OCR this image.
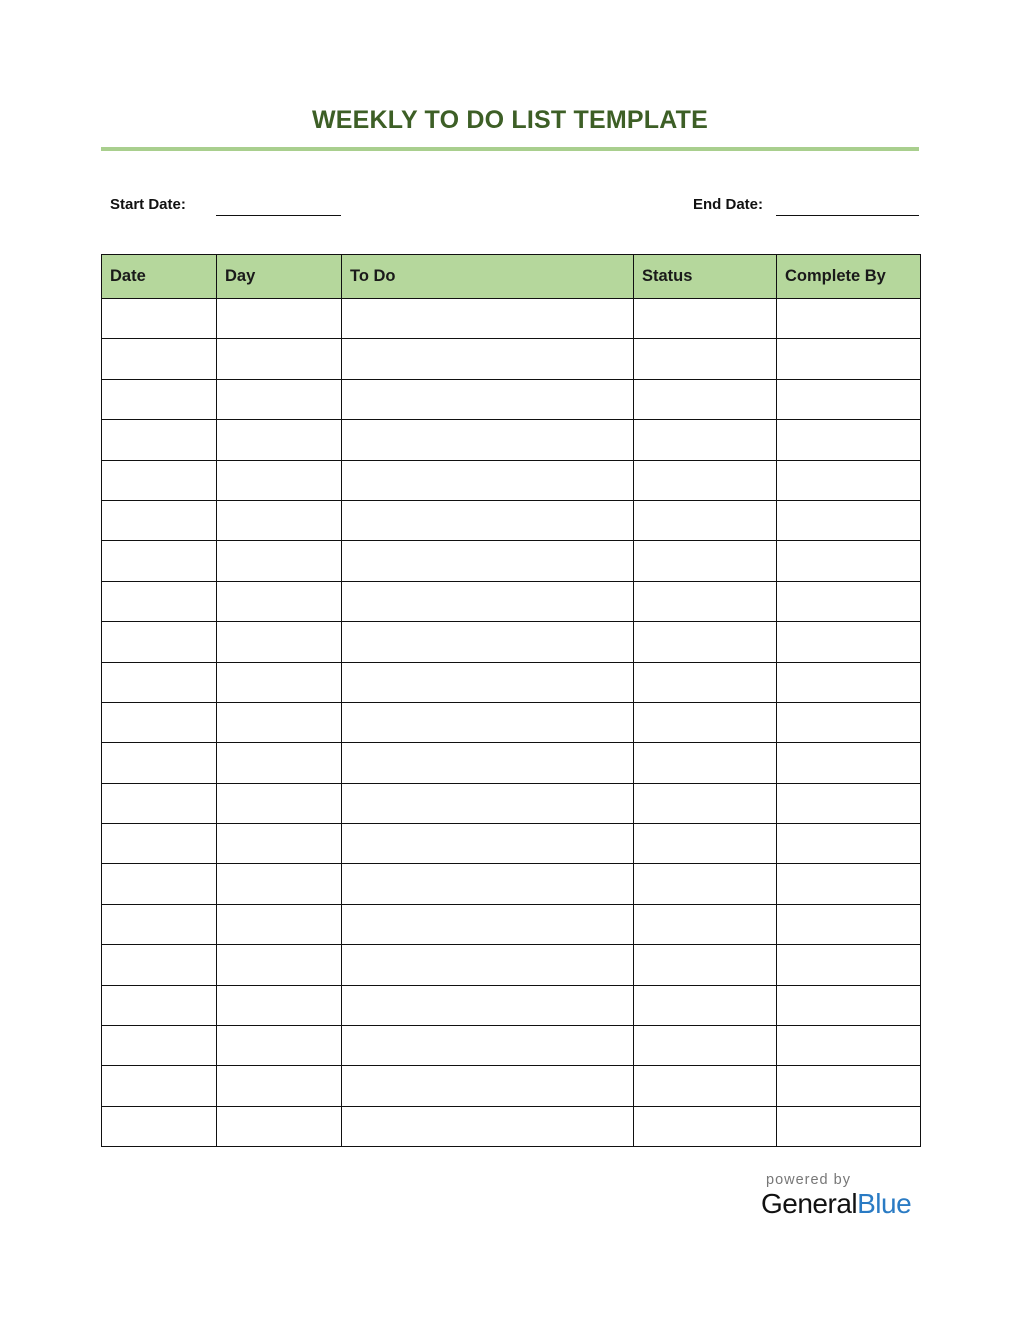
WEEKLY TO DO LIST TEMPLATE
Start Date:	End Date:
Date	Day	To Do	Status	Complete By

powered by
GeneralBlue
